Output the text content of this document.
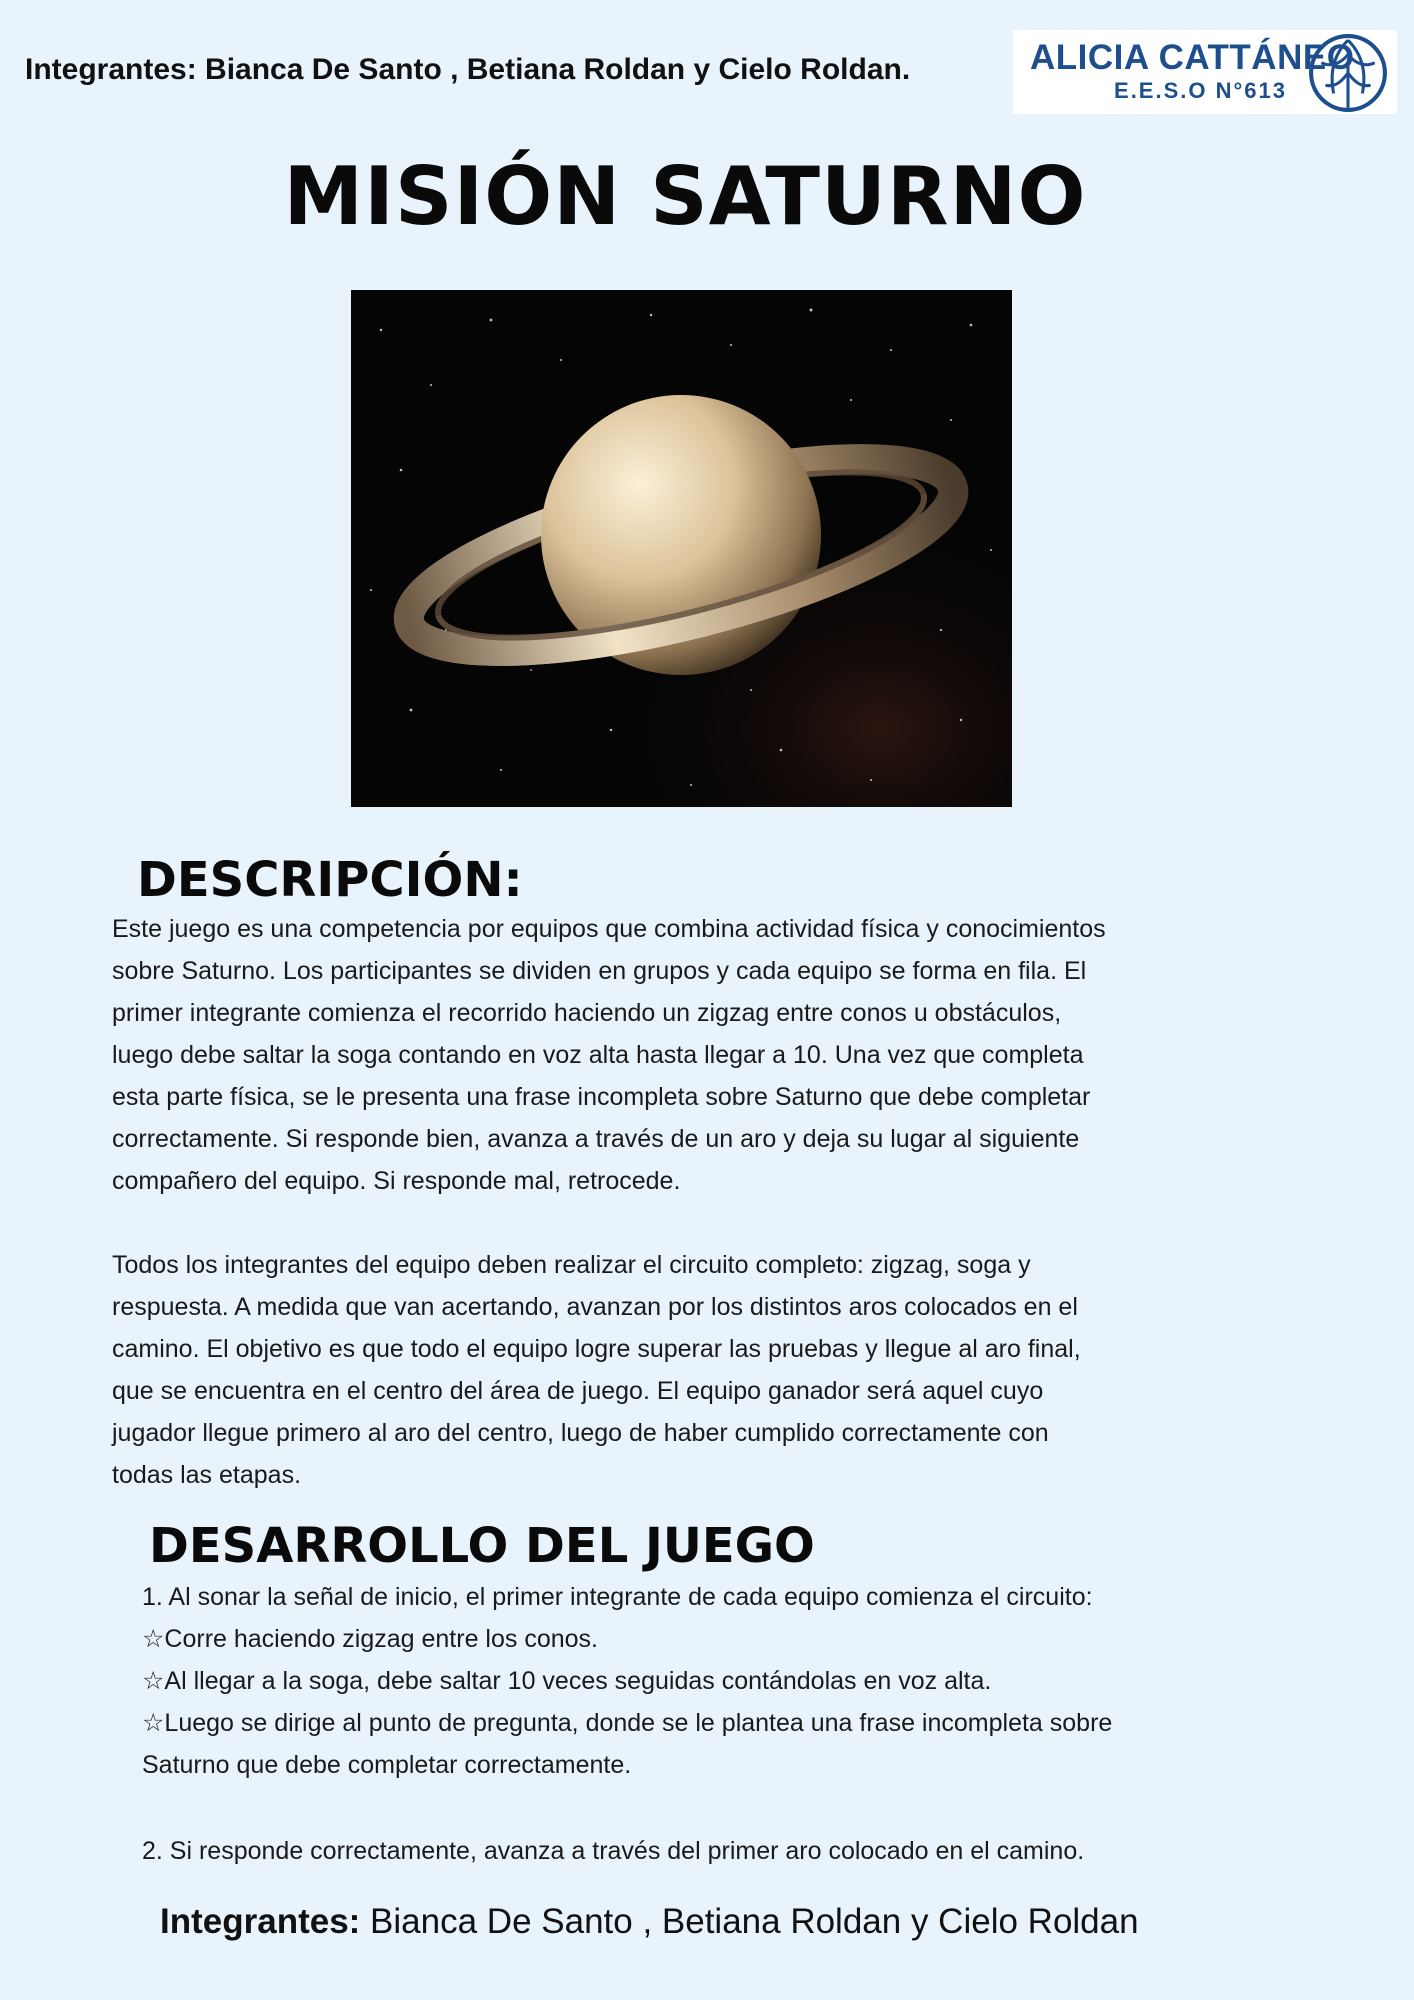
Integrantes: Bianca De Santo , Betiana Roldan y Cielo Roldan.	ALICIA CATTÁNEO
E.E.S.O N°613
MISIÓN SATURNO
DESCRIPCIÓN:
Este juego es una competencia por equipos que combina actividad física y conocimientos
sobre Saturno. Los participantes se dividen en grupos y cada equipo se forma en fila. El
primer integrante comienza el recorrido haciendo un zigzag entre conos u obstáculos,
luego debe saltar la soga contando en voz alta hasta llegar a 10. Una vez que completa
esta parte física, se le presenta una frase incompleta sobre Saturno que debe completar
correctamente. Si responde bien, avanza a través de un aro y deja su lugar al siguiente
compañero del equipo. Si responde mal, retrocede.
Todos los integrantes del equipo deben realizar el circuito completo: zigzag, soga y
respuesta. A medida que van acertando, avanzan por los distintos aros colocados en el
camino. El objetivo es que todo el equipo logre superar las pruebas y llegue al aro final,
que se encuentra en el centro del área de juego. El equipo ganador será aquel cuyo
jugador llegue primero al aro del centro, luego de haber cumplido correctamente con
todas las etapas.
DESARROLLO DEL JUEGO
1. Al sonar la señal de inicio, el primer integrante de cada equipo comienza el circuito:
☆Corre haciendo zigzag entre los conos.
☆Al llegar a la soga, debe saltar 10 veces seguidas contándolas en voz alta.
☆Luego se dirige al punto de pregunta, donde se le plantea una frase incompleta sobre
Saturno que debe completar correctamente.
2. Si responde correctamente, avanza a través del primer aro colocado en el camino.
Integrantes: Bianca De Santo , Betiana Roldan y Cielo Roldan
